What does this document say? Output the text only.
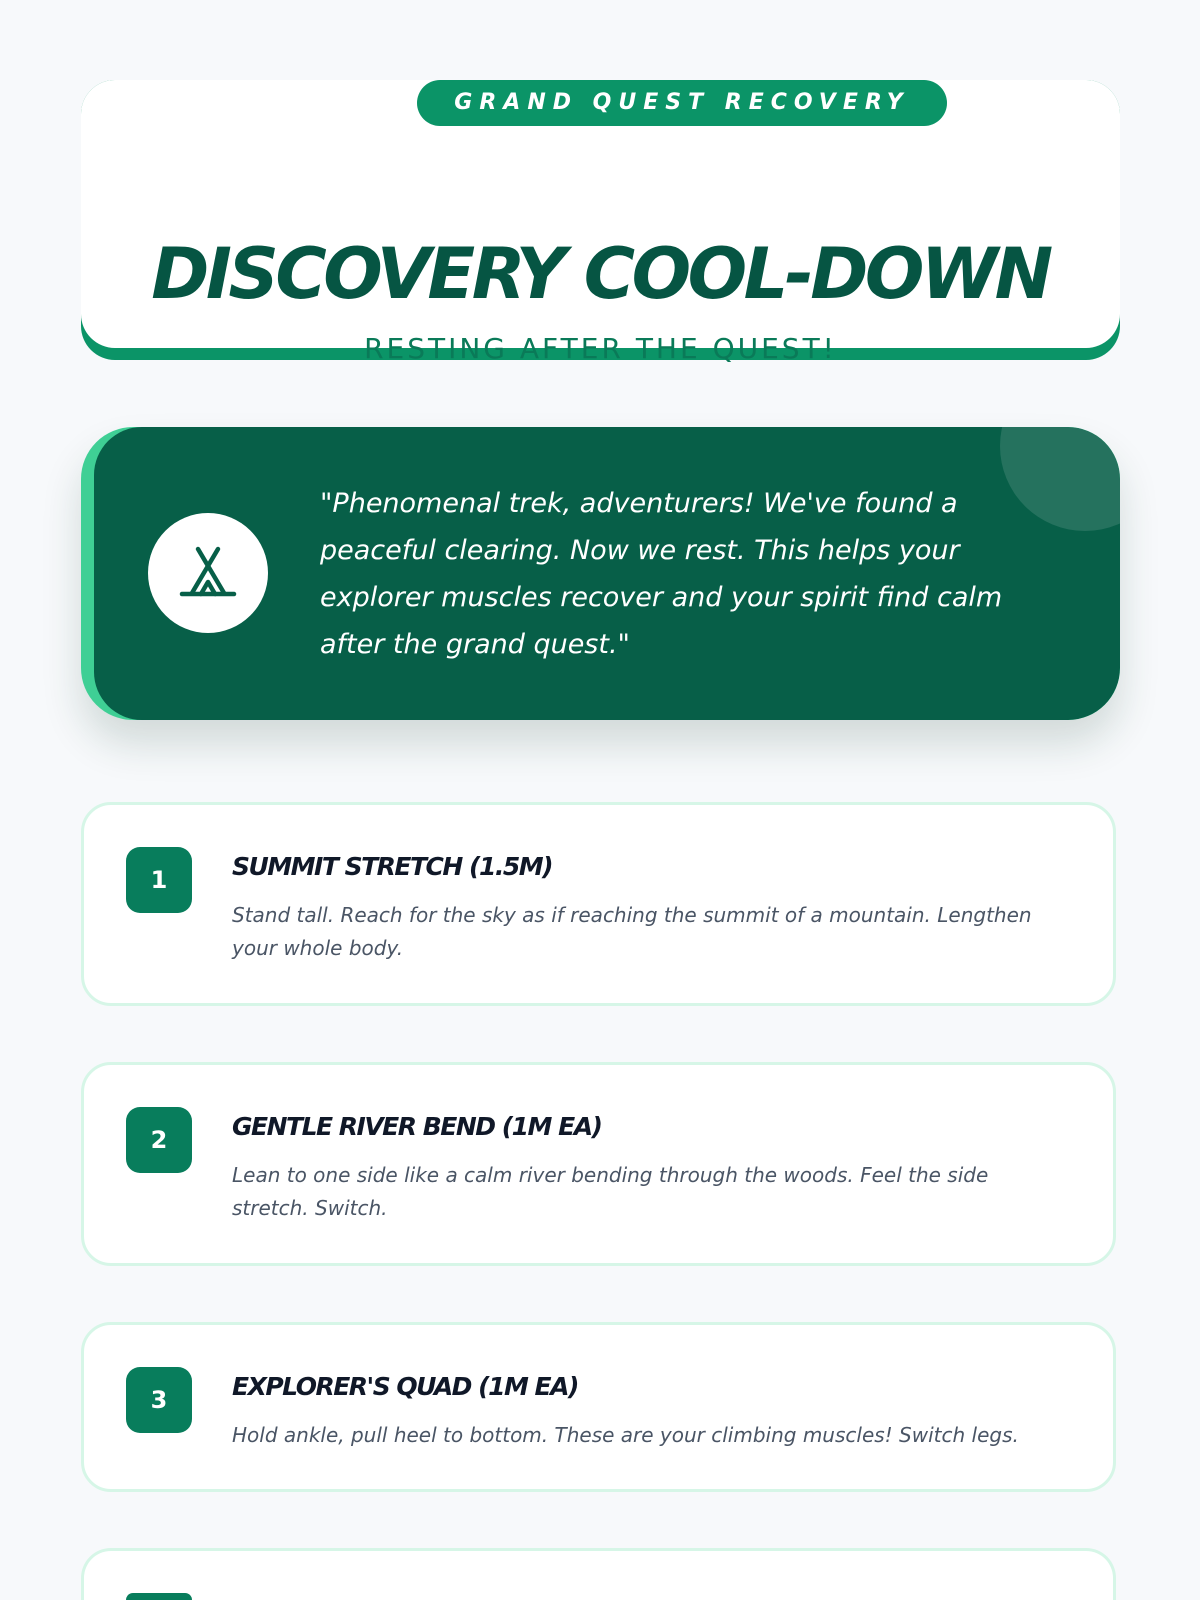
GRAND QUEST RECOVERY
DISCOVERY COOL-DOWN
RESTING AFTER THE QUEST!

"Phenomenal trek, adventurers! We've found a peaceful clearing. Now we rest. This helps your explorer muscles recover and your spirit find calm after the grand quest."

1	SUMMIT STRETCH (1.5M)
Stand tall. Reach for the sky as if reaching the summit of a mountain. Lengthen your whole body.
2	GENTLE RIVER BEND (1M EA)
Lean to one side like a calm river bending through the woods. Feel the side stretch. Switch.
3	EXPLORER'S QUAD (1M EA)
Hold ankle, pull heel to bottom. These are your climbing muscles! Switch legs.
